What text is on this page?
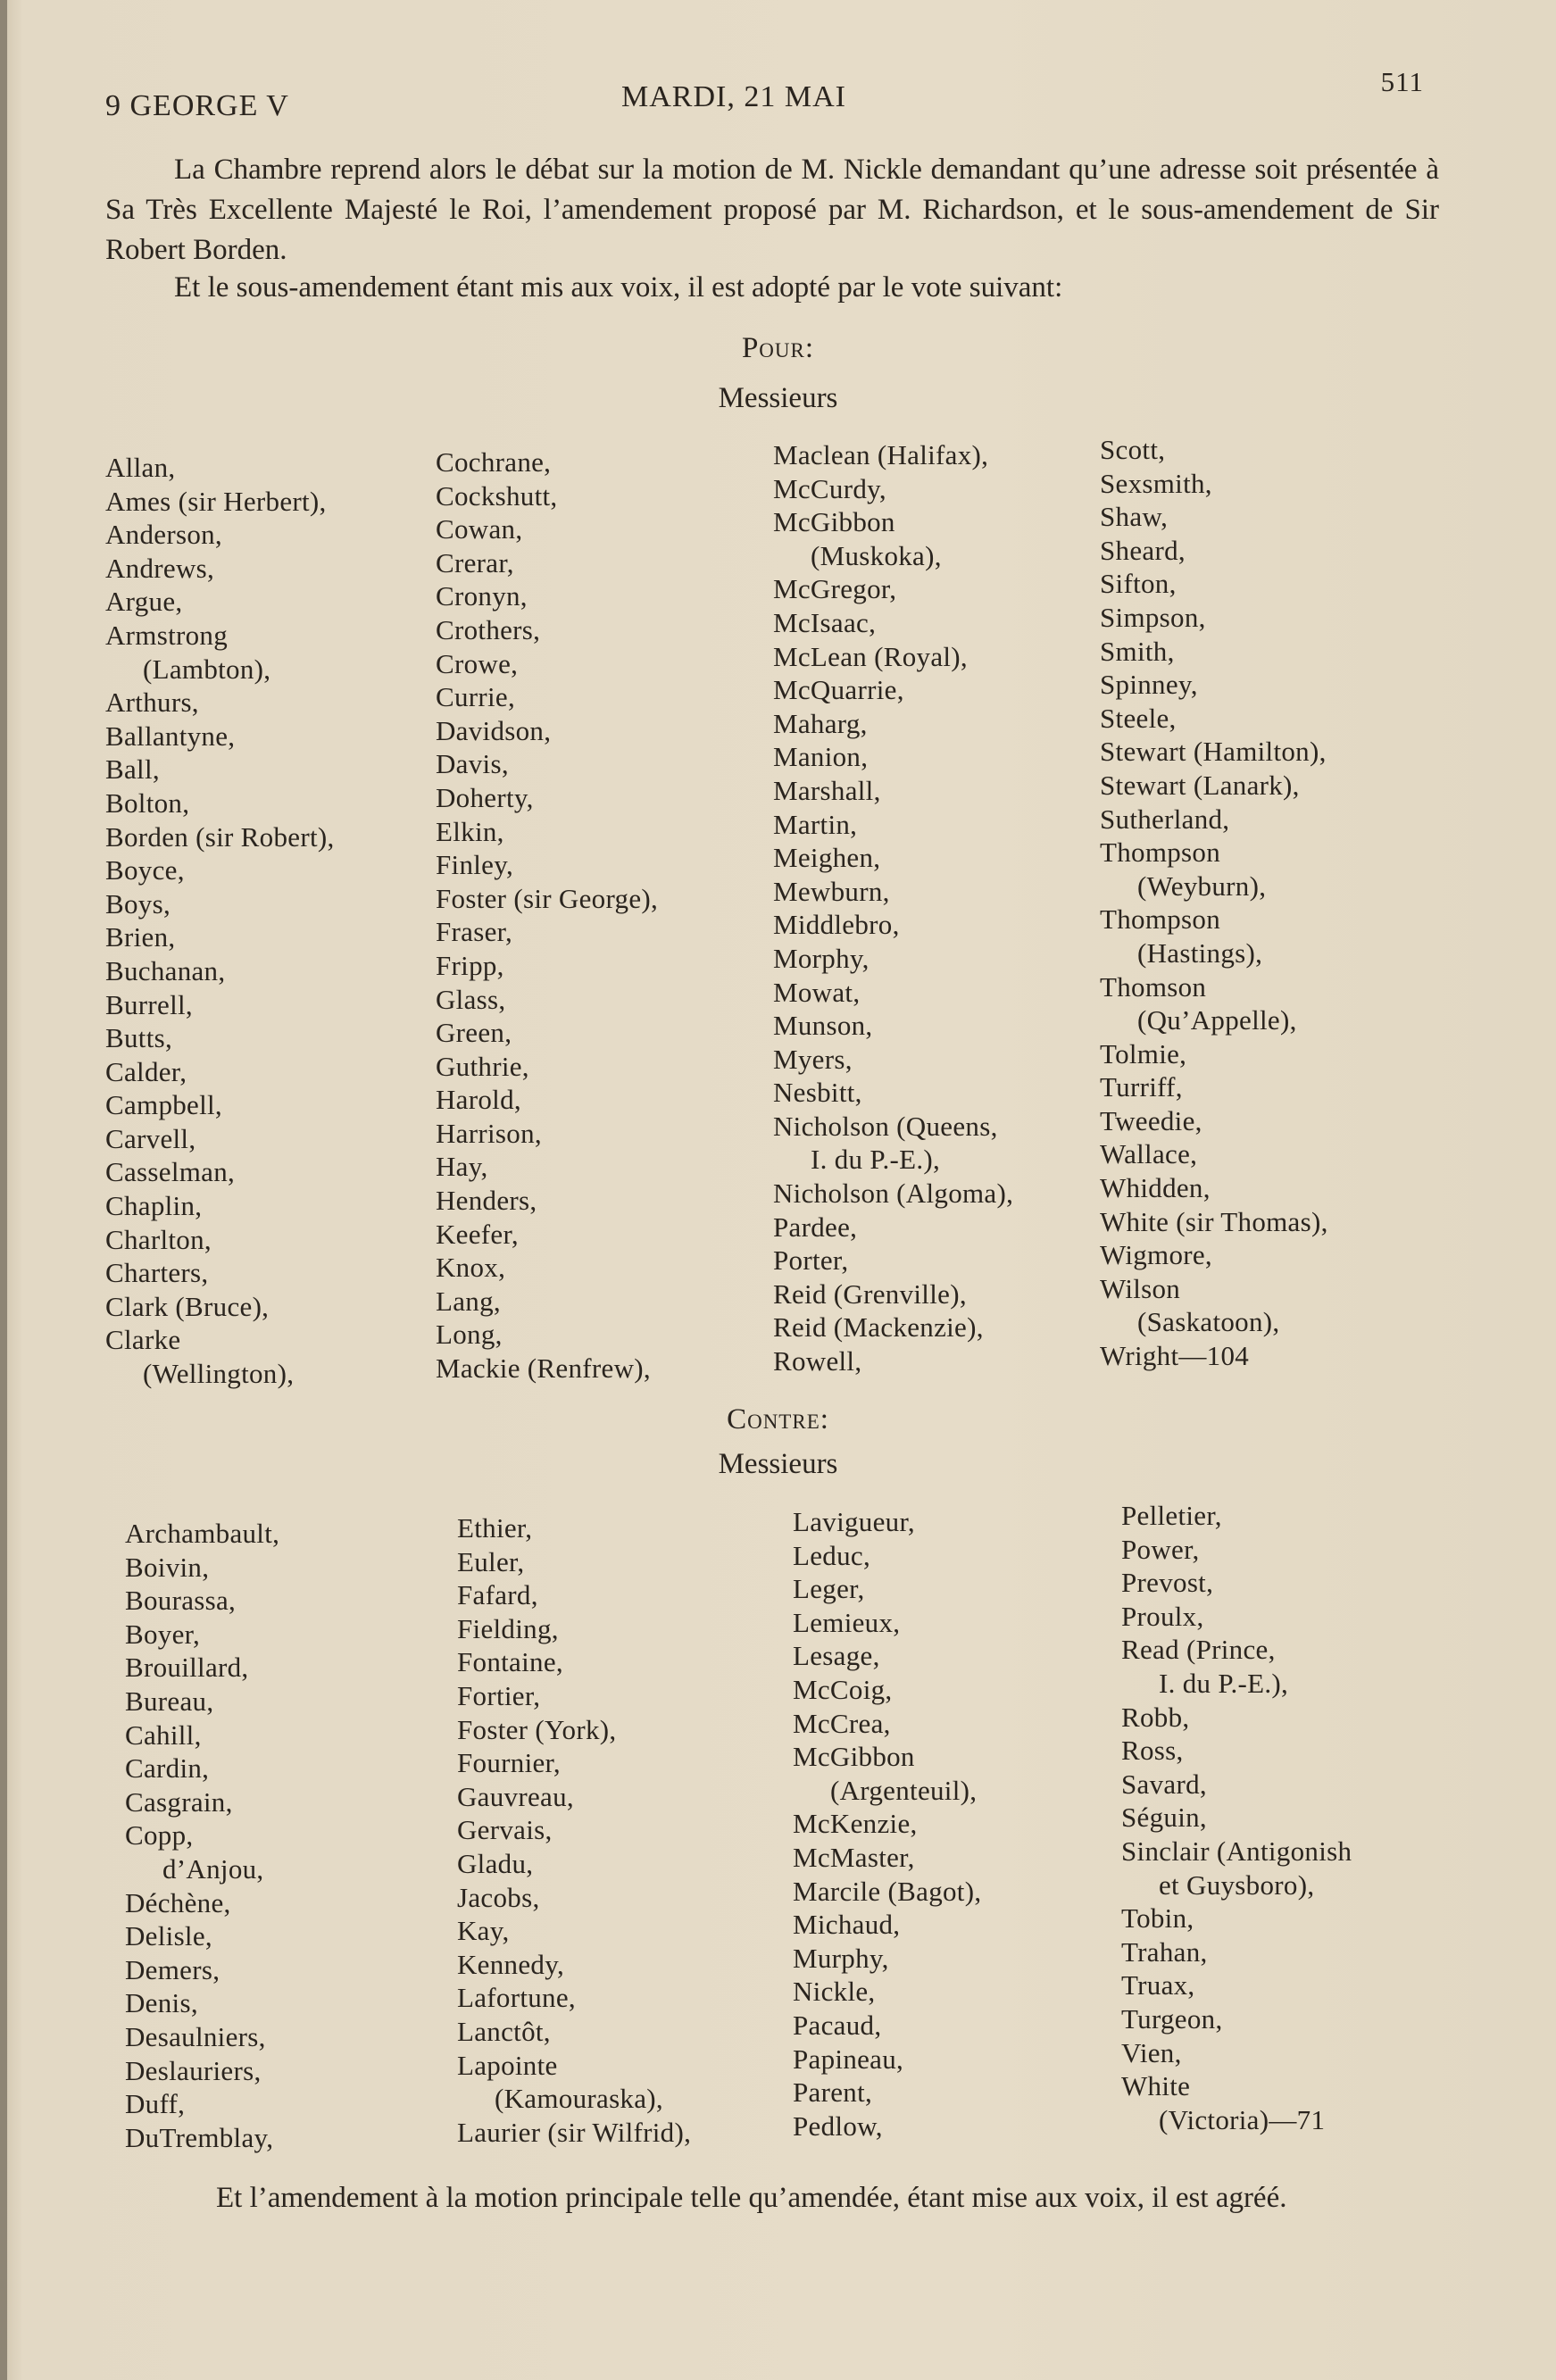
9 GEORGE V	MARDI, 21 MAI	511
La Chambre reprend alors le débat sur la motion de M. Nickle demandant qu’une adresse soit présentée à Sa Très Excellente Majesté le Roi, l’amendement proposé par M. Richardson, et le sous-amendement de Sir Robert Borden.
Et le sous-amendement étant mis aux voix, il est adopté par le vote suivant:
Pour:
Messieurs
Allan,
Ames (sir Herbert),
Anderson,
Andrews,
Argue,
Armstrong
(Lambton),
Arthurs,
Ballantyne,
Ball,
Bolton,
Borden (sir Robert),
Boyce,
Boys,
Brien,
Buchanan,
Burrell,
Butts,
Calder,
Campbell,
Carvell,
Casselman,
Chaplin,
Charlton,
Charters,
Clark (Bruce),
Clarke
(Wellington),
Cochrane,
Cockshutt,
Cowan,
Crerar,
Cronyn,
Crothers,
Crowe,
Currie,
Davidson,
Davis,
Doherty,
Elkin,
Finley,
Foster (sir George),
Fraser,
Fripp,
Glass,
Green,
Guthrie,
Harold,
Harrison,
Hay,
Henders,
Keefer,
Knox,
Lang,
Long,
Mackie (Renfrew),
Maclean (Halifax),
McCurdy,
McGibbon
(Muskoka),
McGregor,
McIsaac,
McLean (Royal),
McQuarrie,
Maharg,
Manion,
Marshall,
Martin,
Meighen,
Mewburn,
Middlebro,
Morphy,
Mowat,
Munson,
Myers,
Nesbitt,
Nicholson (Queens,
I. du P.-E.),
Nicholson (Algoma),
Pardee,
Porter,
Reid (Grenville),
Reid (Mackenzie),
Rowell,
Scott,
Sexsmith,
Shaw,
Sheard,
Sifton,
Simpson,
Smith,
Spinney,
Steele,
Stewart (Hamilton),
Stewart (Lanark),
Sutherland,
Thompson
(Weyburn),
Thompson
(Hastings),
Thomson
(Qu’Appelle),
Tolmie,
Turriff,
Tweedie,
Wallace,
Whidden,
White (sir Thomas),
Wigmore,
Wilson
(Saskatoon),
Wright—104
Contre:
Messieurs
Archambault,
Boivin,
Bourassa,
Boyer,
Brouillard,
Bureau,
Cahill,
Cardin,
Casgrain,
Copp,
d’Anjou,
Déchène,
Delisle,
Demers,
Denis,
Desaulniers,
Deslauriers,
Duff,
DuTremblay,
Ethier,
Euler,
Fafard,
Fielding,
Fontaine,
Fortier,
Foster (York),
Fournier,
Gauvreau,
Gervais,
Gladu,
Jacobs,
Kay,
Kennedy,
Lafortune,
Lanctôt,
Lapointe
(Kamouraska),
Laurier (sir Wilfrid),
Lavigueur,
Leduc,
Leger,
Lemieux,
Lesage,
McCoig,
McCrea,
McGibbon
(Argenteuil),
McKenzie,
McMaster,
Marcile (Bagot),
Michaud,
Murphy,
Nickle,
Pacaud,
Papineau,
Parent,
Pedlow,
Pelletier,
Power,
Prevost,
Proulx,
Read (Prince,
I. du P.-E.),
Robb,
Ross,
Savard,
Séguin,
Sinclair (Antigonish
et Guysboro),
Tobin,
Trahan,
Truax,
Turgeon,
Vien,
White
(Victoria)—71
Et l’amendement à la motion principale telle qu’amendée, étant mise aux voix, il est agréé.
